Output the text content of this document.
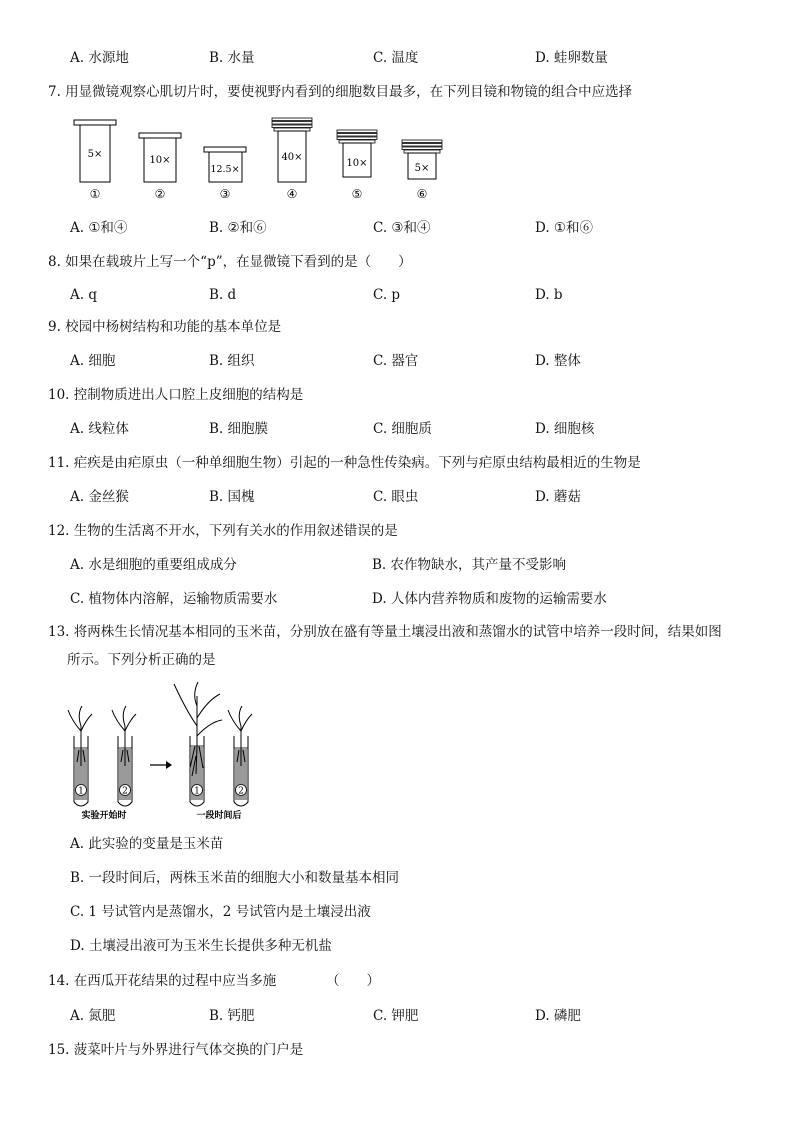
A. 水源地	B. 水量	C. 温度	D. 蛙卵数量
7. 用显微镜观察心肌切片时，要使视野内看到的细胞数目最多，在下列目镜和物镜的组合中应选择
5×
①
10×
②
12.5×
③
40×
④
10×
⑤
5×
⑥
A. ①和④	B. ②和⑥	C. ③和④	D. ①和⑥
8. 如果在载玻片上写一个“p”，在显微镜下看到的是（　　）
A. q	B. d	C. p	D. b
9. 校园中杨树结构和功能的基本单位是
A. 细胞	B. 组织	C. 器官	D. 整体
10. 控制物质进出人口腔上皮细胞的结构是
A. 线粒体	B. 细胞膜	C. 细胞质	D. 细胞核
11. 疟疾是由疟原虫（一种单细胞生物）引起的一种急性传染病。下列与疟原虫结构最相近的生物是
A. 金丝猴	B. 国槐	C. 眼虫	D. 蘑菇
12. 生物的生活离不开水，下列有关水的作用叙述错误的是
A. 水是细胞的重要组成成分	B. 农作物缺水，其产量不受影响
C. 植物体内溶解，运输物质需要水	D. 人体内营养物质和废物的运输需要水
13. 将两株生长情况基本相同的玉米苗，分别放在盛有等量土壤浸出液和蒸馏水的试管中培养一段时间，结果如图
所示。下列分析正确的是
1	2	1	2
实验开始时	一段时间后
A. 此实验的变量是玉米苗
B. 一段时间后，两株玉米苗的细胞大小和数量基本相同
C. 1 号试管内是蒸馏水，2 号试管内是土壤浸出液
D. 土壤浸出液可为玉米生长提供多种无机盐
14. 在西瓜开花结果的过程中应当多施	（　　）
A. 氮肥	B. 钙肥	C. 钾肥	D. 磷肥
15. 菠菜叶片与外界进行气体交换的门户是
